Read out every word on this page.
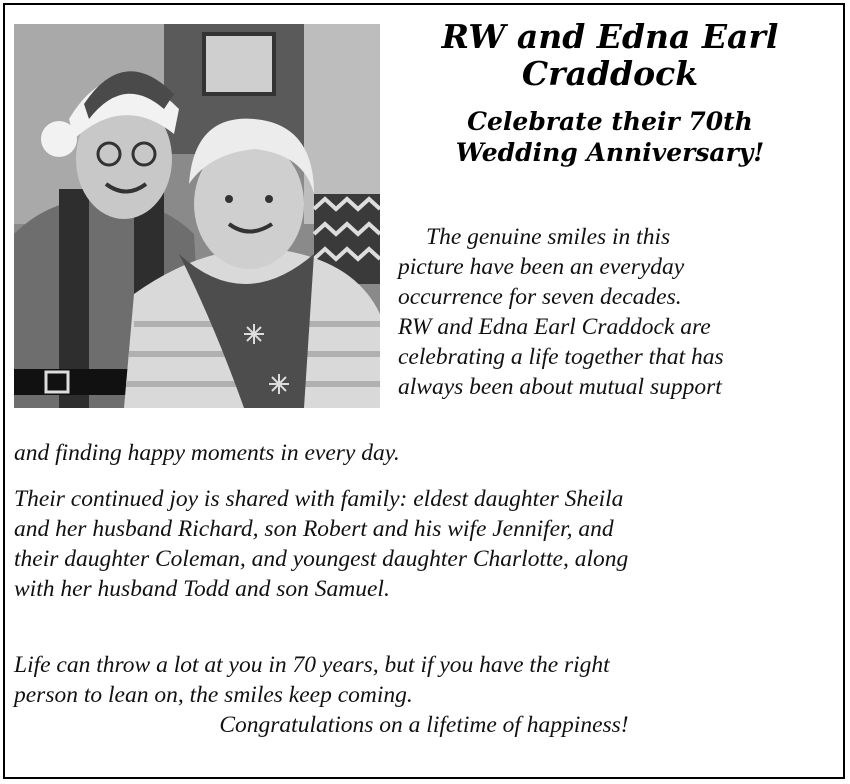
RW and Edna Earl
Craddock
Celebrate their 70th
Wedding Anniversary!
The genuine smiles in this
picture have been an everyday
occurrence for seven decades.
RW and Edna Earl Craddock are
celebrating a life together that has
always been about mutual support
and finding happy moments in every day.
Their continued joy is shared with family: eldest daughter Sheila
and her husband Richard, son Robert and his wife Jennifer, and
their daughter Coleman, and youngest daughter Charlotte, along
with her husband Todd and son Samuel.
Life can throw a lot at you in 70 years, but if you have the right
person to lean on, the smiles keep coming.
Congratulations on a lifetime of happiness!
